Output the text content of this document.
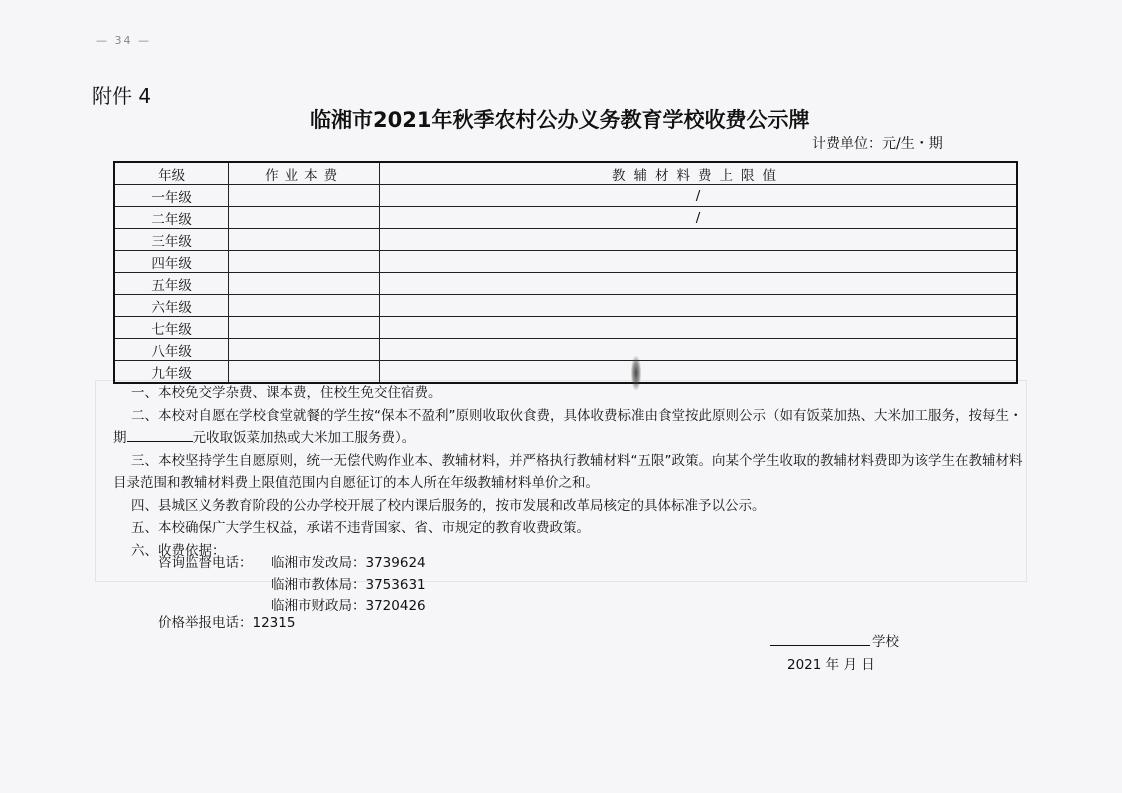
— 34 —
附件 4
临湘市2021年秋季农村公办义务教育学校收费公示牌
计费单位：元/生・期
年级	作业本费	教辅材料费上限值
一年级		/
二年级		/
三年级		
四年级		
五年级		
六年级		
七年级		
八年级		
九年级		

一、本校免交学杂费、课本费，住校生免交住宿费。

二、本校对自愿在学校食堂就餐的学生按“保本不盈利”原则收取伙食费，具体收费标准由食堂按此原则公示（如有饭菜加热、大米加工服务，按每生・期	元收取饭菜加热或大米加工服务费）。

三、本校坚持学生自愿原则，统一无偿代购作业本、教辅材料，并严格执行教辅材料“五限”政策。向某个学生收取的教辅材料费即为该学生在教辅材料目录范围和教辅材料费上限值范围内自愿征订的本人所在年级教辅材料单价之和。

四、县城区义务教育阶段的公办学校开展了校内课后服务的，按市发展和改革局核定的具体标准予以公示。

五、本校确保广大学生权益，承诺不违背国家、省、市规定的教育收费政策。

六、收费依据：

咨询监督电话：	临湘市发改局：3739624
临湘市教体局：3753631
临湘市财政局：3720426
价格举报电话：12315
学校
2021 年 月 日
